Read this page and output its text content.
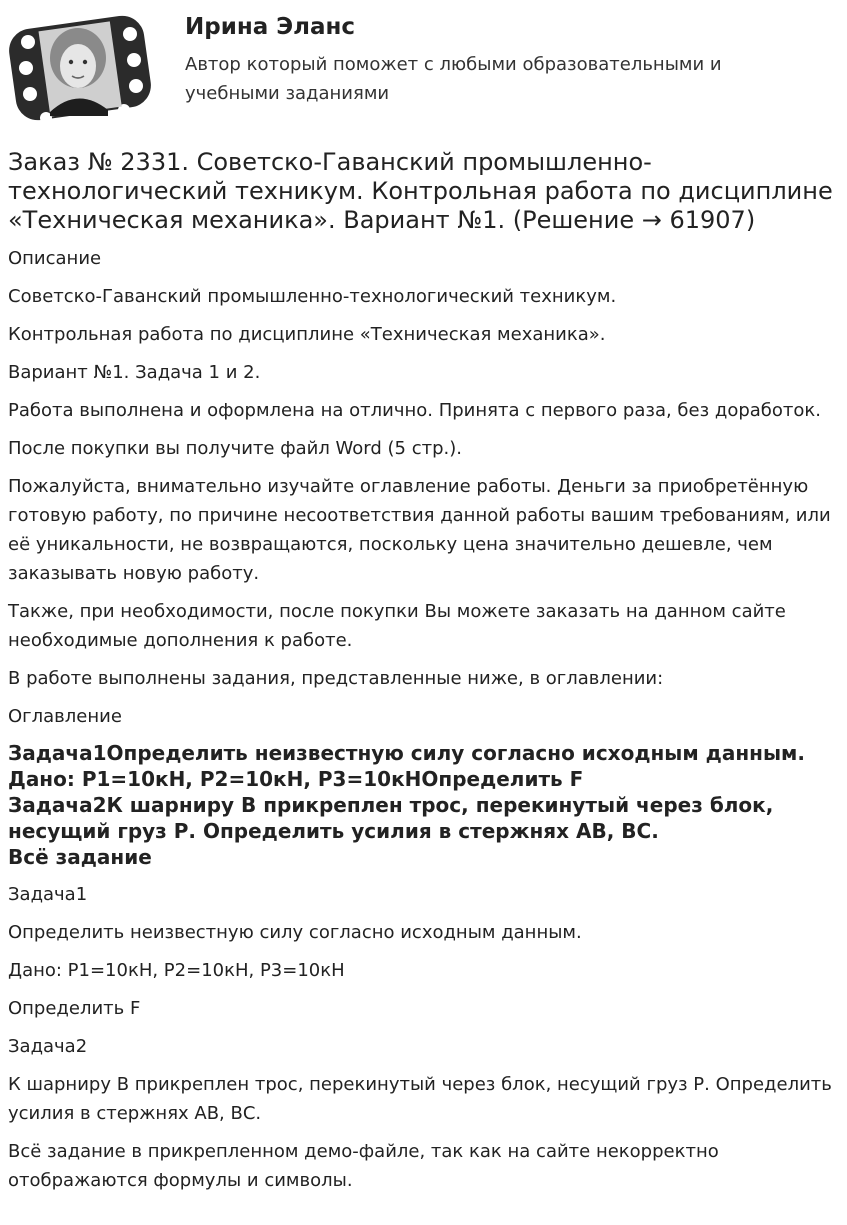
Ирина Эланс
Автор который поможет с любыми образовательными и учебными заданиями
Заказ № 2331. Советско-Гаванский промышленно-технологический техникум. Контрольная работа по дисциплине «Техническая механика». Вариант №1. (Решение → 61907)

Описание

Советско-Гаванский промышленно-технологический техникум.

Контрольная работа по дисциплине «Техническая механика».

Вариант №1. Задача 1 и 2.

Работа выполнена и оформлена на отлично. Принята с первого раза, без доработок.

После покупки вы получите файл Word (5 стр.).

Пожалуйста, внимательно изучайте оглавление работы. Деньги за приобретённую готовую работу, по причине несоответствия данной работы вашим требованиям, или её уникальности, не возвращаются, поскольку цена значительно дешевле, чем заказывать новую работу.

Также, при необходимости, после покупки Вы можете заказать на данном сайте необходимые дополнения к работе.

В работе выполнены задания, представленные ниже, в оглавлении:

Оглавление

Задача1Определить неизвестную силу согласно исходным данным. Дано: P1=10кН, P2=10кН, P3=10кНОпределить F
Задача2К шарниру В прикреплен трос, перекинутый через блок, несущий груз Р. Определить усилия в стержнях АВ, ВС.
Всё задание

Задача1

Определить неизвестную силу согласно исходным данным.

Дано: P1=10кН, P2=10кН, P3=10кН

Определить F

Задача2

К шарниру В прикреплен трос, перекинутый через блок, несущий груз Р. Определить усилия в стержнях АВ, ВС.

Всё задание в прикрепленном демо-файле, так как на сайте некорректно отображаются формулы и символы.
